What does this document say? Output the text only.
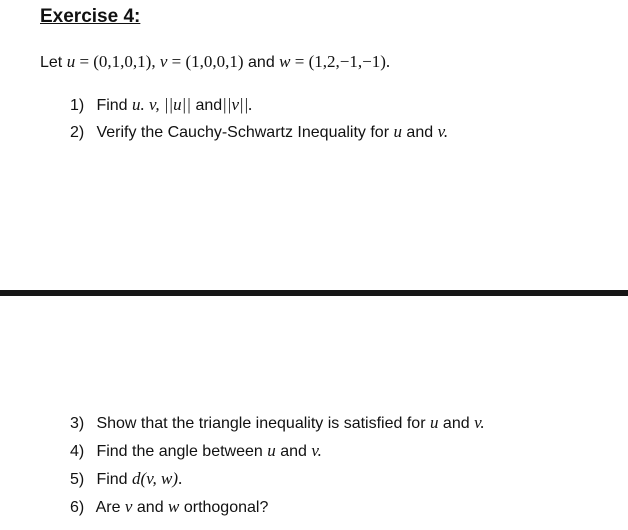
Exercise 4:
Let u = (0,1,0,1), v = (1,0,0,1) and w = (1,2,−1,−1).
1) Find u. v, ||u|| and||v||.
2) Verify the Cauchy-Schwartz Inequality for u and v.
3) Show that the triangle inequality is satisfied for u and v.
4) Find the angle between u and v.
5) Find d(v, w).
6) Are v and w orthogonal?
